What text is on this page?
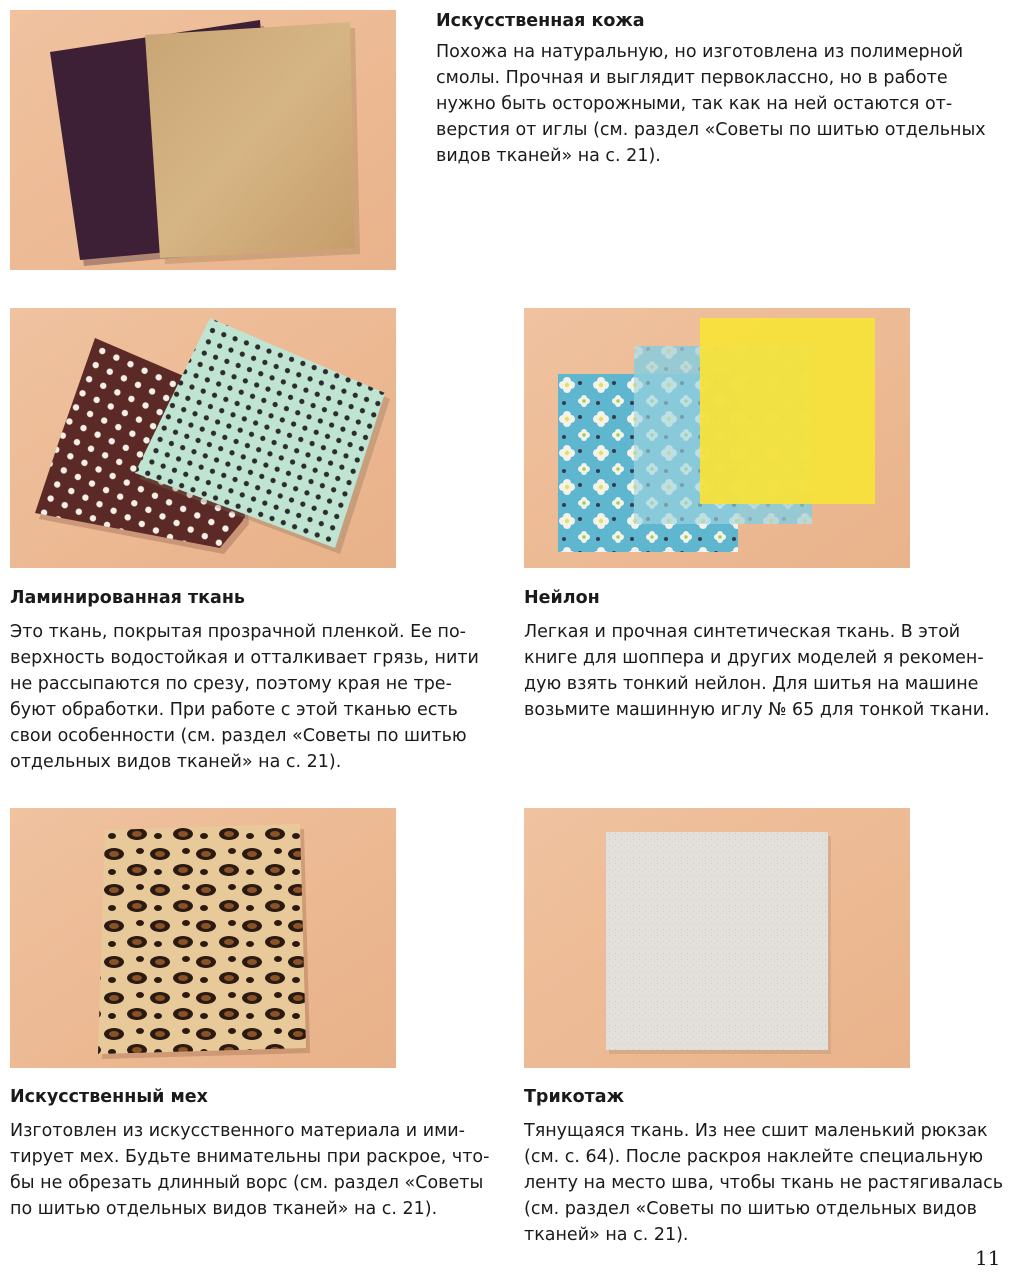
Искусственная кожа

Похожа на натуральную, но изготовлена из полимерной
смолы. Прочная и выглядит первоклассно, но в работе
нужно быть осторожными, так как на ней остаются от-
верстия от иглы (см. раздел «Советы по шитью отдельных
видов тканей» на с. 21).

Ламинированная ткань

Это ткань, покрытая прозрачной пленкой. Ее по-
верхность водостойкая и отталкивает грязь, нити
не рассыпаются по срезу, поэтому края не тре-
буют обработки. При работе с этой тканью есть
свои особенности (см. раздел «Советы по шитью
отдельных видов тканей» на с. 21).

Нейлон

Легкая и прочная синтетическая ткань. В этой
книге для шоппера и других моделей я рекомен-
дую взять тонкий нейлон. Для шитья на машине
возьмите машинную иглу № 65 для тонкой ткани.

Искусственный мех

Изготовлен из искусственного материала и ими-
тирует мех. Будьте внимательны при раскрое, что-
бы не обрезать длинный ворс (см. раздел «Советы
по шитью отдельных видов тканей» на с. 21).

Трикотаж

Тянущаяся ткань. Из нее сшит маленький рюкзак
(см. с. 64). После раскроя наклейте специальную
ленту на место шва, чтобы ткань не растягивалась
(см. раздел «Советы по шитью отдельных видов
тканей» на с. 21).

11
